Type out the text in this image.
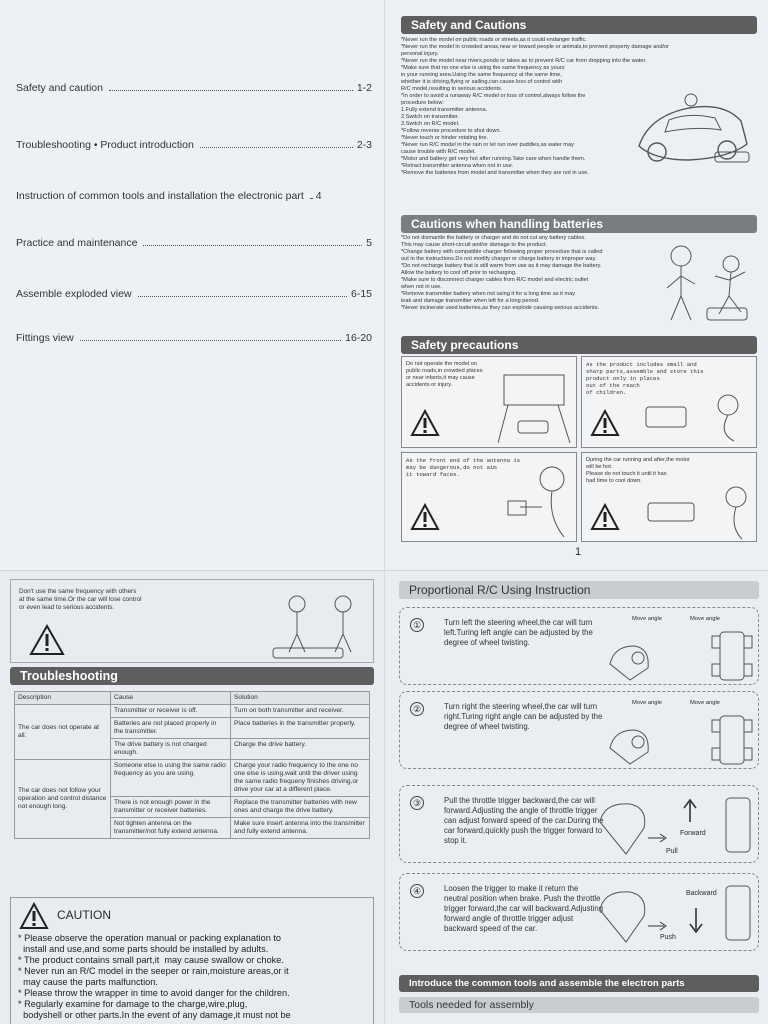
Safety and caution	1-2
Troubleshooting • Product introduction	2-3
Instruction of common tools and installation the electronic part 4
Practice and maintenance	5
Assemble exploded view	6-15
Fittings view	16-20
Safety and Cautions
*Never run the model on public roads or streets,as it could endanger traffic.
*Never run the model in crowded areas,near or toward people or animals,to prevent property damage and/or
personal injury.
*Never run the model near rivers,ponds or lakes as to prevent R/C car from dropping into the water.
*Make sure that no one else is using the same frequency as yours
in your running area.Using the same frequency at the same time,
whether it is driving,flying or sailing,can cause loss of control with
R/C model,resulting in serious accidents.
*In order to avoid a runaway R/C model or loss of control,always follow the
procedure below:
1.Fully extend transmitter antenna.
2.Switch on transmitter.
3.Switch on R/C model.
*Follow reverse procedure to shut down.
*Never touch or hinder rotating tire.
*Never run R/C model in the rain or let run over puddles,as water may
cause trouble with R/C model.
*Motor and battery get very hot after running.Take care when handle them.
*Retract transmitter antenna when not in use.
*Remove the batteries from model and transmitter when they are not in use.
Cautions when handling batteries
*Do not dismantle the battery or charger and do not cut any battery cables.
This may cause short-circuit and/or damage to the product.
*Change battery with compatible charger following proper procedure that is called
out in the instructions.Do not modify charger or charge battery in improper way.
*Do not recharge battery that is still warm from use as it may damage the battery.
Allow the battery to cool off prior to recharging.
*Make sure to disconnect charger cables from R/C model and electric outlet
when not in use.
*Remove transmitter battery when not using it for a long time as it may
leak and damage transmitter when left for a long period.
*Never incinerate used batteries,as they can explode causing serious accidents.
Safety precautions
Do not operate the model on
public roads,in crowded places
or near infants,it may cause
accidents or injury.
As the product includes small and
sharp parts,assemble and store this
product only in places
out of the reach
of children.
As the front end of the antenna is
may be dangerous,do not aim
it toward faces.
During the car running and after,the motor
will be hot.
Please do not touch it until it has
had time to cool down.
1
Don't use the same frequency with others
at the same time.Or the car will lose control
or even lead to serious accidents.
Troubleshooting
Description	Cause	Solution
The car does not operate at all.	Transmitter or receiver is off.	Turn on both transmitter and receiver.
	Batteries are not placed properly in the transmitter.	Place batteries in the transmitter properly.
	The drive battery is not charged enough.	Charge the drive battery.
The car does not follow your operation and control distance not enough long.	Someone else is using the same radio frequency as you are using.	Charge your radio frequency to the one no one else is using,wait until the driver using the same radio frequeny finishes driving,or drive your car at a different place.
	There is not enough power in the transmitter or receiver batteries.	Replace the transmitter batteries with new ones and charge the drive battery.
	Not tighten antenna on the transmitter/not fully extend antenna.	Make sure insert antenna into the transmitter and fully extend antenna.
CAUTION
* Please observe the operation manual or packing explanation to
install and use,and some parts should be installed by adults.
* The product contains small part,it  may cause swallow or choke.
* Never run an R/C model in the seeper or rain,moisture areas,or it
may cause the parts malfunction.
* Please throw the wrapper in time to avoid danger for the children.
* Regularly examine for damage to the charge,wire,plug,
bodyshell or other parts.In the event of any damage,it must not be
Proportional R/C Using Instruction
①	Turn left the steering wheel,the car will turn left.Turing left angle can be adjusted by the degree of wheel twisting.
Move angle	Move angle
②	Turn right the steering wheel,the car will turn right.Turing right angle can be adjusted by the degree of wheel twisting.
Move angle	Move angle
③	Pull the throttle trigger backward,the car will forward.Adjusting the angle of throttle trigger can adjust forward speed of the car.During the car forward,quickly push the trigger forward to stop it.
Forward
Pull
④	Loosen the trigger to make it return the neutral position when brake. Push the throttle trigger forward,the car will backward.Adjusting forward angle of throttle trigger adjust backward speed of the car.
Backward
Push
Introduce the common tools and assemble the electron parts
Tools needed for assembly
